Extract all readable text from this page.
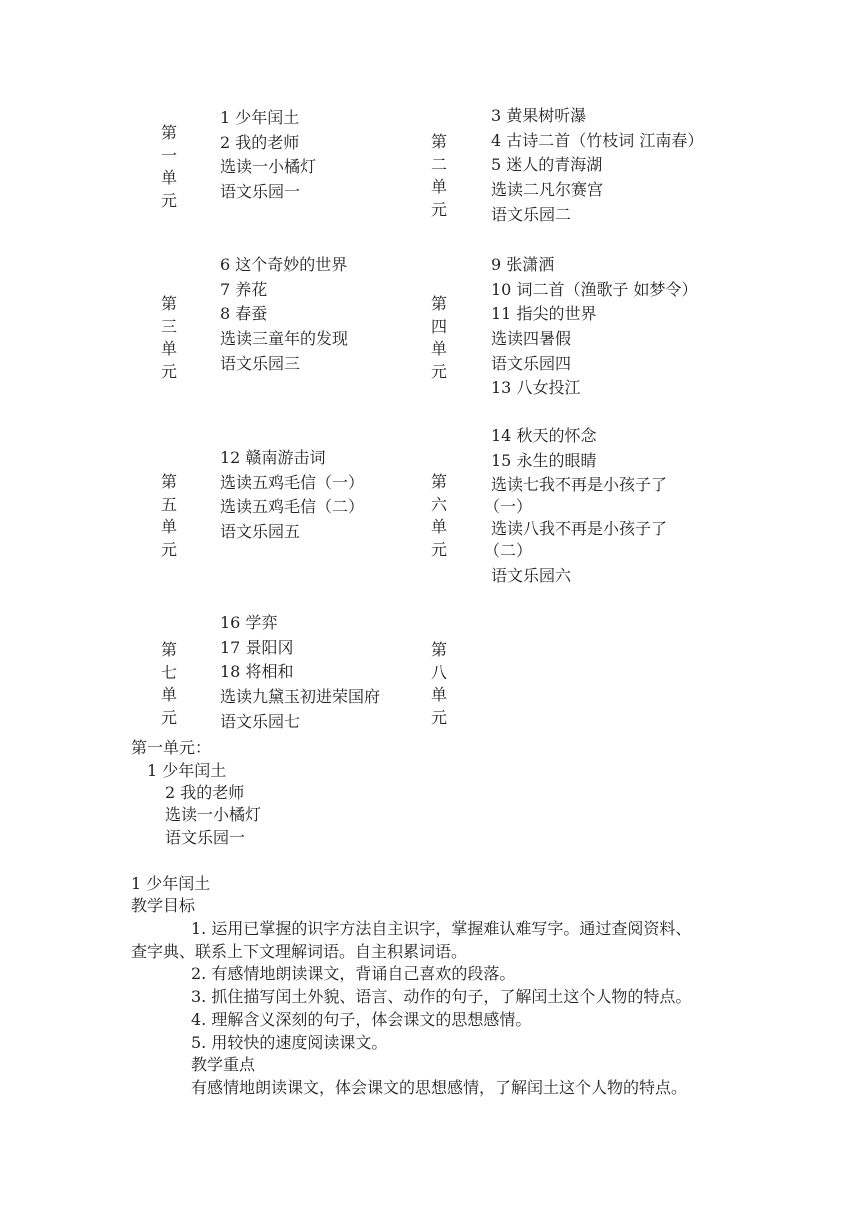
第
一
单
元
1 少年闰土
2 我的老师
选读一小橘灯
语文乐园一
第
二
单
元
3 黄果树听瀑
4 古诗二首（竹枝词 江南春）
5 迷人的青海湖
选读二凡尔赛宫
语文乐园二
第
三
单
元
6 这个奇妙的世界
7 养花
8 春蚕
选读三童年的发现
语文乐园三
第
四
单
元
9 张潇洒
10 词二首（渔歌子 如梦令）
11 指尖的世界
选读四暑假
语文乐园四
13 八女投江
第
五
单
元
12 赣南游击词
选读五鸡毛信（一）
选读五鸡毛信（二）
语文乐园五
第
六
单
元
14 秋天的怀念
15 永生的眼睛
选读七我不再是小孩子了
（一）
选读八我不再是小孩子了
（二）
语文乐园六
第
七
单
元
16 学弈
17 景阳冈
18 将相和
选读九黛玉初进荣国府
语文乐园七
第
八
单
元
第一单元：
1 少年闰土
2 我的老师
选读一小橘灯
语文乐园一
1 少年闰土
教学目标
1. 运用已掌握的识字方法自主识字，掌握难认难写字。通过查阅资料、
查字典、联系上下文理解词语。自主积累词语。
2. 有感情地朗读课文，背诵自己喜欢的段落。
3. 抓住描写闰土外貌、语言、动作的句子，了解闰土这个人物的特点。
4. 理解含义深刻的句子，体会课文的思想感情。
5. 用较快的速度阅读课文。
教学重点
有感情地朗读课文，体会课文的思想感情，了解闰土这个人物的特点。
